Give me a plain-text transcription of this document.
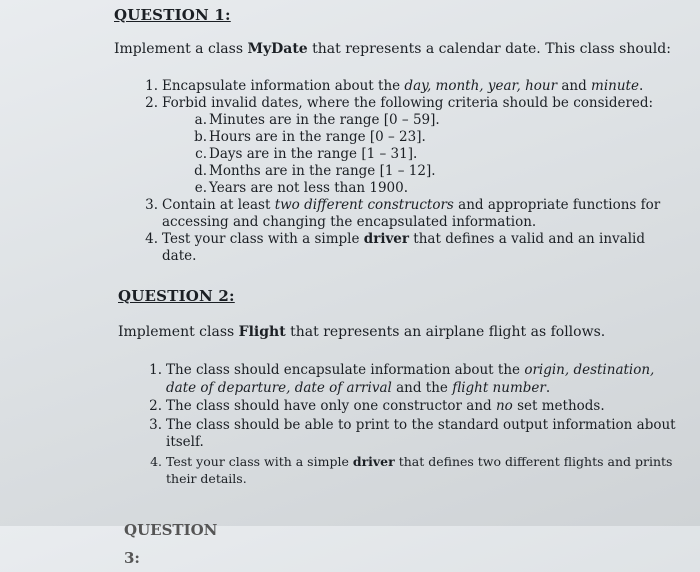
QUESTION 1:
Implement a class MyDate that represents a calendar date. This class should:
1. Encapsulate information about the day, month, year, hour and minute.
2. Forbid invalid dates, where the following criteria should be considered:
a. Minutes are in the range [0 – 59].
b. Hours are in the range [0 – 23].
c. Days are in the range [1 – 31].
d. Months are in the range [1 – 12].
e. Years are not less than 1900.
3. Contain at least two different constructors and appropriate functions for accessing and changing the encapsulated information.
4. Test your class with a simple driver that defines a valid and an invalid date.
QUESTION 2:
Implement class Flight that represents an airplane flight as follows.
1. The class should encapsulate information about the origin, destination, date of departure, date of arrival and the flight number.
2. The class should have only one constructor and no set methods.
3. The class should be able to print to the standard output information about itself.
4. Test your class with a simple driver that defines two different flights and prints their details.
QUESTION 3:
